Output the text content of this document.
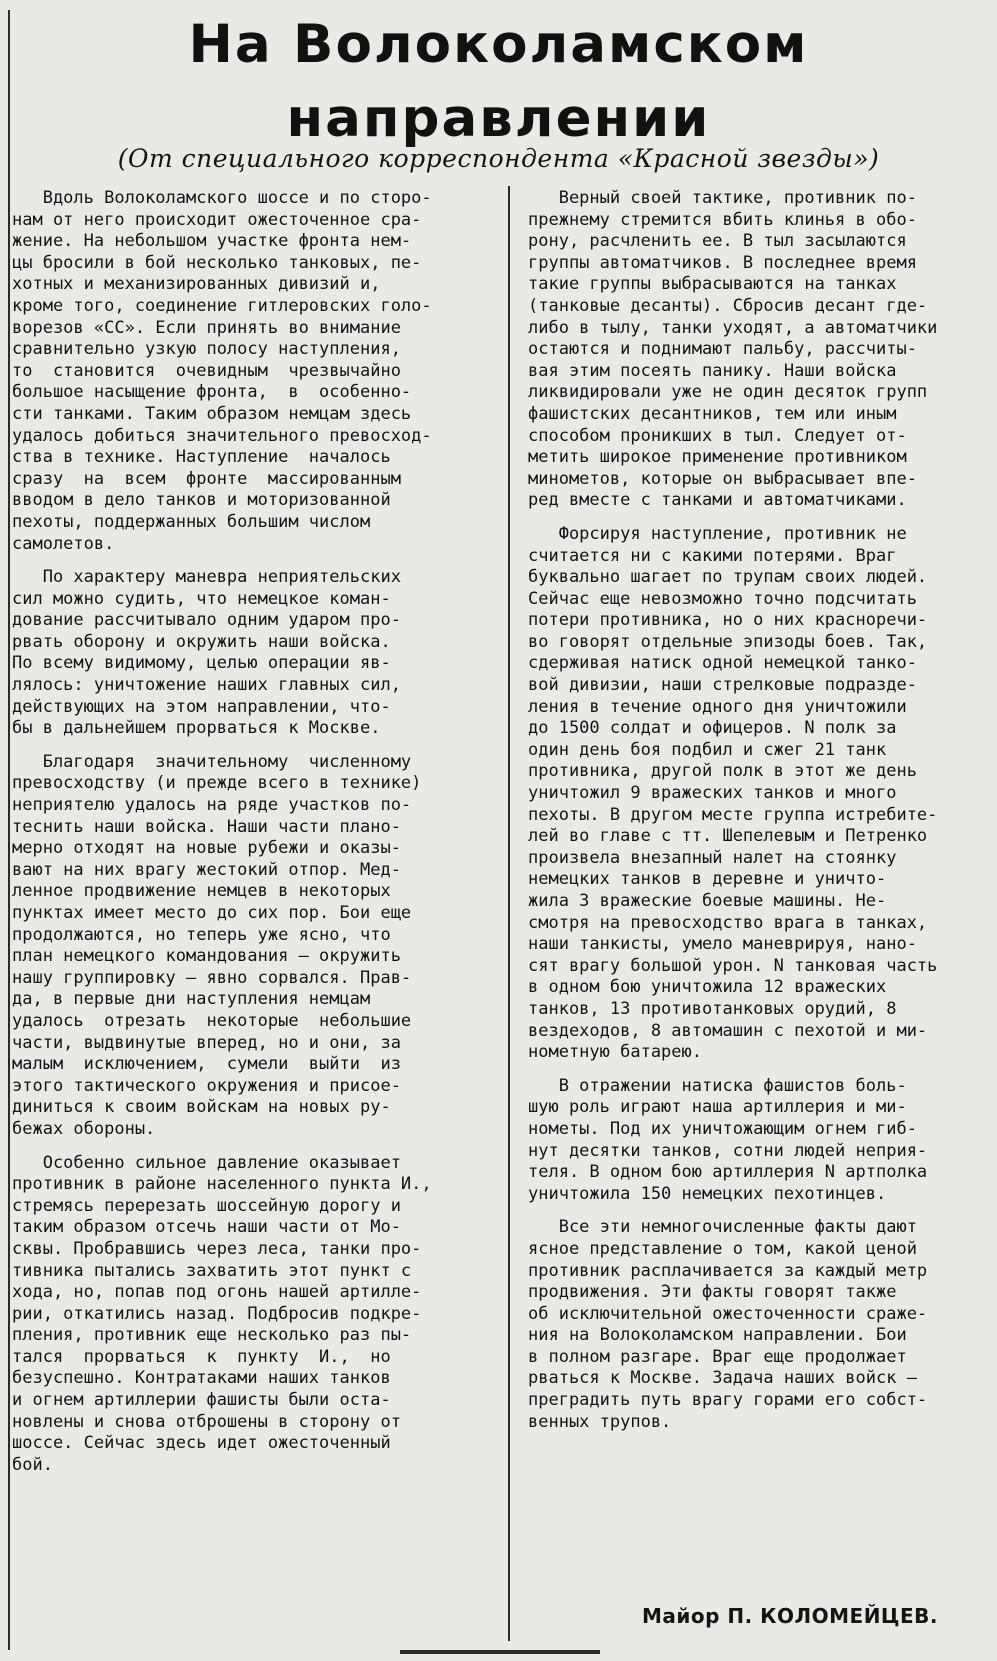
На Волоколамском
направлении

(От специального корреспондента «Красной звезды»)

Вдоль Волоколамского шоссе и по сторо-
нам от него происходит ожесточенное сра-
жение. На небольшом участке фронта нем-
цы бросили в бой несколько танковых, пе-
хотных и механизированных дивизий и,
кроме того, соединение гитлеровских голо-
ворезов «СС». Если принять во внимание
сравнительно узкую полосу наступления,
то  становится  очевидным  чрезвычайно
большое насыщение фронта,  в  особенно-
сти танками. Таким образом немцам здесь
удалось добиться значительного превосход-
ства в технике. Наступление  началось
сразу  на  всем  фронте  массированным
вводом в дело танков и моторизованной
пехоты, поддержанных большим числом
самолетов.

По характеру маневра неприятельских
сил можно судить, что немецкое коман-
дование рассчитывало одним ударом про-
рвать оборону и окружить наши войска.
По всему видимому, целью операции яв-
лялось: уничтожение наших главных сил,
действующих на этом направлении, что-
бы в дальнейшем прорваться к Москве.

Благодаря  значительному  численному
превосходству (и прежде всего в технике)
неприятелю удалось на ряде участков по-
теснить наши войска. Наши части плано-
мерно отходят на новые рубежи и оказы-
вают на них врагу жестокий отпор. Мед-
ленное продвижение немцев в некоторых
пунктах имеет место до сих пор. Бои еще
продолжаются, но теперь уже ясно, что
план немецкого командования — окружить
нашу группировку — явно сорвался. Прав-
да, в первые дни наступления немцам
удалось  отрезать  некоторые  небольшие
части, выдвинутые вперед, но и они, за
малым  исключением,  сумели  выйти  из
этого тактического окружения и присое-
диниться к своим войскам на новых ру-
бежах обороны.

Особенно сильное давление оказывает
противник в районе населенного пункта И.,
стремясь перерезать шоссейную дорогу и
таким образом отсечь наши части от Мо-
сквы. Пробравшись через леса, танки про-
тивника пытались захватить этот пункт с
хода, но, попав под огонь нашей артилле-
рии, откатились назад. Подбросив подкре-
пления, противник еще несколько раз пы-
тался  прорваться  к  пункту  И.,  но
безуспешно. Контратаками наших танков
и огнем артиллерии фашисты были оста-
новлены и снова отброшены в сторону от
шоссе. Сейчас здесь идет ожесточенный
бой.

Верный своей тактике, противник по-
прежнему стремится вбить клинья в обо-
рону, расчленить ее. В тыл засылаются
группы автоматчиков. В последнее время
такие группы выбрасываются на танках
(танковые десанты). Сбросив десант где-
либо в тылу, танки уходят, а автоматчики
остаются и поднимают пальбу, рассчиты-
вая этим посеять панику. Наши войска
ликвидировали уже не один десяток групп
фашистских десантников, тем или иным
способом проникших в тыл. Следует от-
метить широкое применение противником
минометов, которые он выбрасывает впе-
ред вместе с танками и автоматчиками.

Форсируя наступление, противник не
считается ни с какими потерями. Враг
буквально шагает по трупам своих людей.
Сейчас еще невозможно точно подсчитать
потери противника, но о них красноречи-
во говорят отдельные эпизоды боев. Так,
сдерживая натиск одной немецкой танко-
вой дивизии, наши стрелковые подразде-
ления в течение одного дня уничтожили
до 1500 солдат и офицеров. N полк за
один день боя подбил и сжег 21 танк
противника, другой полк в этот же день
уничтожил 9 вражеских танков и много
пехоты. В другом месте группа истребите-
лей во главе с тт. Шепелевым и Петренко
произвела внезапный налет на стоянку
немецких танков в деревне и уничто-
жила 3 вражеские боевые машины. Не-
смотря на превосходство врага в танках,
наши танкисты, умело маневрируя, нано-
сят врагу большой урон. N танковая часть
в одном бою уничтожила 12 вражеских
танков, 13 противотанковых орудий, 8
вездеходов, 8 автомашин с пехотой и ми-
нометную батарею.

В отражении натиска фашистов боль-
шую роль играют наша артиллерия и ми-
нометы. Под их уничтожающим огнем гиб-
нут десятки танков, сотни людей неприя-
теля. В одном бою артиллерия N артполка
уничтожила 150 немецких пехотинцев.

Все эти немногочисленные факты дают
ясное представление о том, какой ценой
противник расплачивается за каждый метр
продвижения. Эти факты говорят также
об исключительной ожесточенности сраже-
ния на Волоколамском направлении. Бои
в полном разгаре. Враг еще продолжает
рваться к Москве. Задача наших войск —
преградить путь врагу горами его собст-
венных трупов.

Майор П. КОЛОМЕЙЦЕВ.
